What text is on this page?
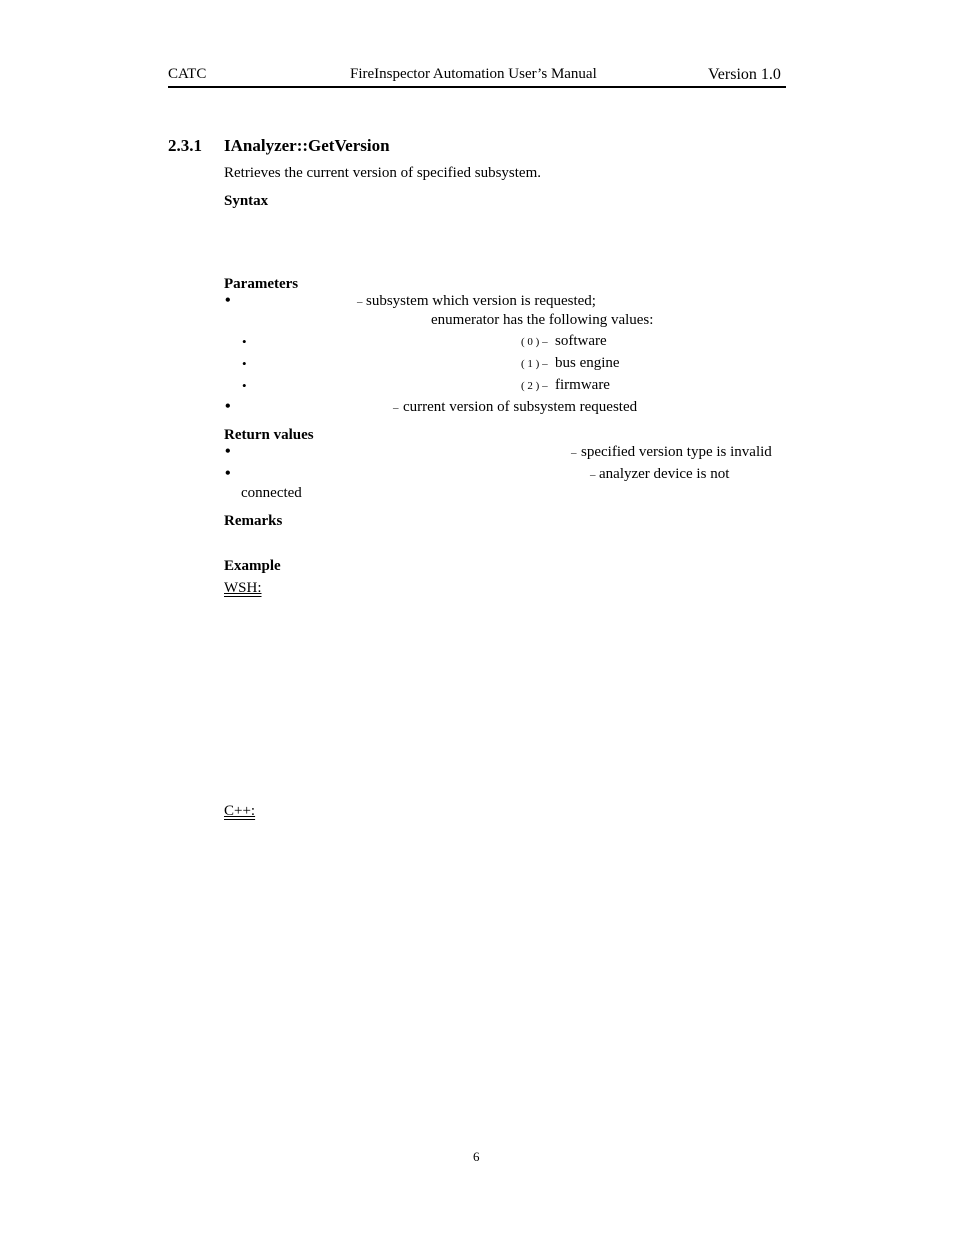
CATC	FireInspector Automation User’s Manual	Version 1.0
2.3.1 IAnalyzer::GetVersion
Retrieves the current version of specified subsystem.
Syntax
Parameters
•	– subsystem which version is requested;
enumerator has the following values:
•	( 0 ) – software
•	( 1 ) – bus engine
•	( 2 ) – firmware
•	– current version of subsystem requested
Return values
•	– specified version type is invalid
•	– analyzer device is not
connected
Remarks
Example
WSH:
C++:
6
